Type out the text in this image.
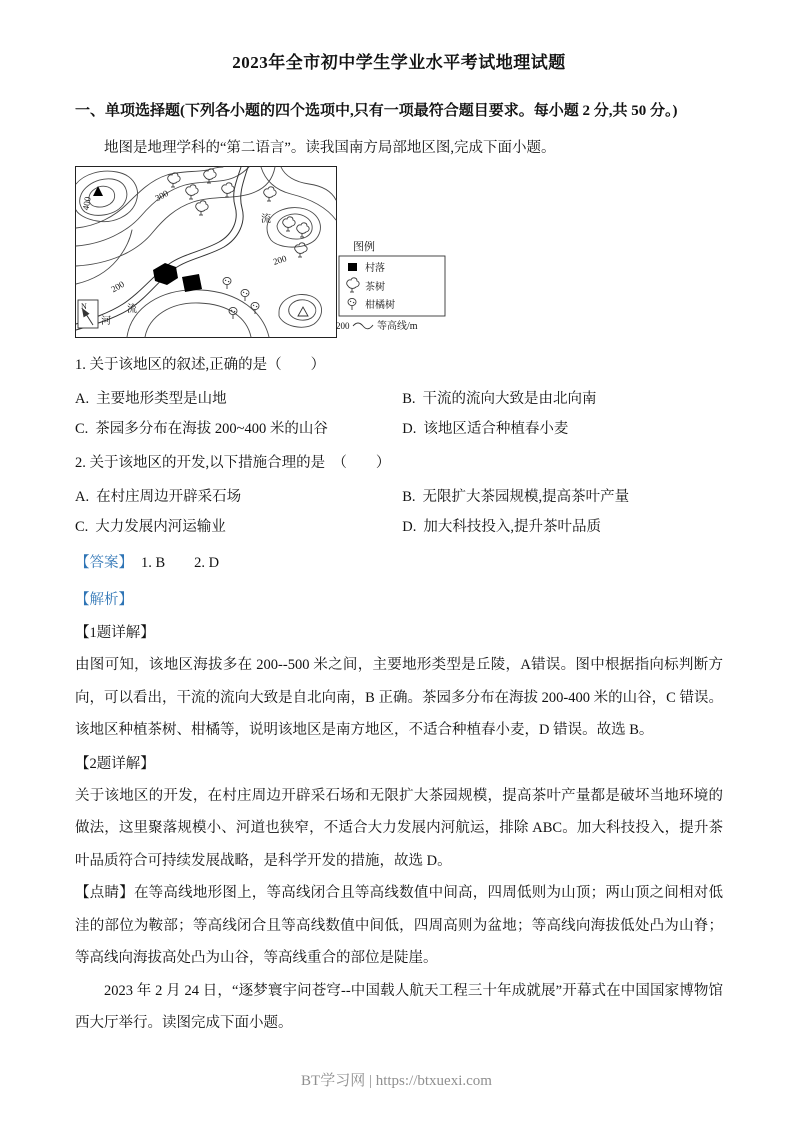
2023年全市初中学生学业水平考试地理试题
一、单项选择题(下列各小题的四个选项中,只有一项最符合题目要求。每小题 2 分,共 50 分。)

地图是地理学科的“第二语言”。读我国南方局部地区图,完成下面小题。

N
400
300
200
200
流
河
流
图例
村落
茶树
柑橘树
200	等高线/m

1. 关于该地区的叙述,正确的是（　　）

A. 主要地形类型是山地	B. 干流的流向大致是由北向南
C. 茶园多分布在海拔 200~400 米的山谷	D. 该地区适合种植春小麦

2. 关于该地区的开发,以下措施合理的是　（　　）

A. 在村庄周边开辟采石场	B. 无限扩大茶园规模,提高茶叶产量
C. 大力发展内河运输业	D. 加大科技投入,提升茶叶品质

【答案】 1. B　　2. D

【解析】

【1题详解】

由图可知，该地区海拔多在 200--500 米之间，主要地形类型是丘陵，A错误。图中根据指向标判断方向，可以看出，干流的流向大致是自北向南，B 正确。茶园多分布在海拔 200-400 米的山谷，C 错误。该地区种植茶树、柑橘等，说明该地区是南方地区，不适合种植春小麦，D 错误。故选 B。

【2题详解】

关于该地区的开发，在村庄周边开辟采石场和无限扩大茶园规模，提高茶叶产量都是破坏当地环境的做法，这里聚落规模小、河道也狭窄，不适合大力发展内河航运，排除 ABC。加大科技投入，提升茶叶品质符合可持续发展战略，是科学开发的措施，故选 D。

【点睛】在等高线地形图上，等高线闭合且等高线数值中间高，四周低则为山顶；两山顶之间相对低洼的部位为鞍部；等高线闭合且等高线数值中间低，四周高则为盆地；等高线向海拔低处凸为山脊；等高线向海拔高处凸为山谷，等高线重合的部位是陡崖。

2023 年 2 月 24 日，“逐梦寰宇问苍穹--中国载人航天工程三十年成就展”开幕式在中国国家博物馆西大厅举行。读图完成下面小题。

BT学习网 | https://btxuexi.com
